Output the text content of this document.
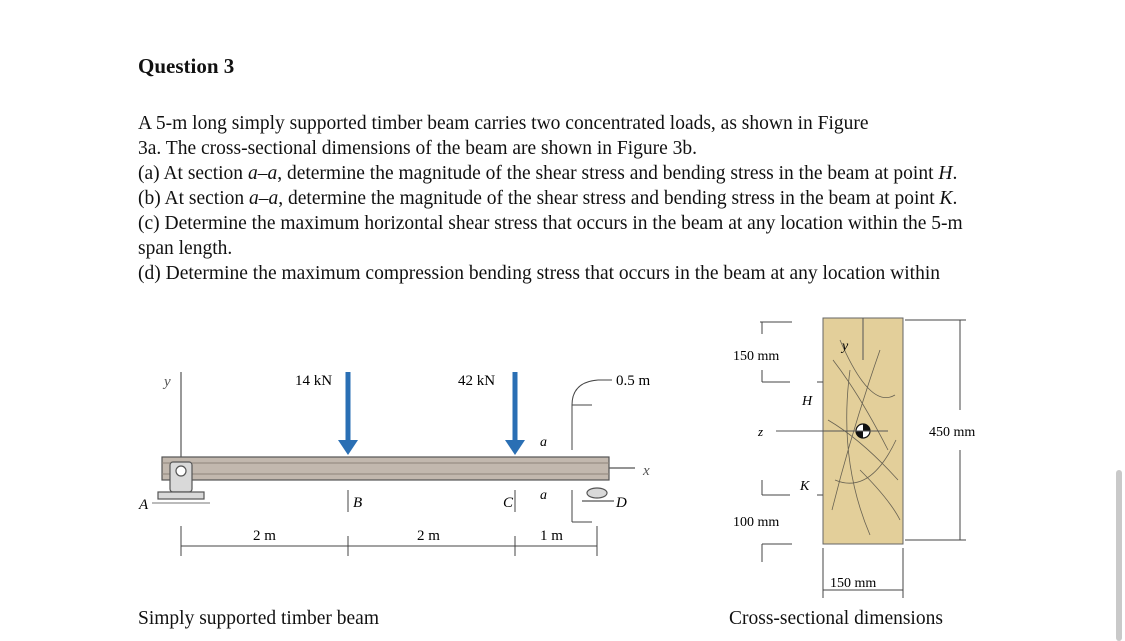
Question 3

A 5-m long simply supported timber beam carries two concentrated loads, as shown in Figure

3a. The cross-sectional dimensions of the beam are shown in Figure 3b.

(a) At section a–a, determine the magnitude of the shear stress and bending stress in the beam at point H.

(b) At section a–a, determine the magnitude of the shear stress and bending stress in the beam at point K.

(c) Determine the maximum horizontal shear stress that occurs in the beam at any location within the 5-m

span length.

(d) Determine the maximum compression bending stress that occurs in the beam at any location within

y
x
A	D
14 kN	42 kN
a
a
0.5 m
B	C
2 m	2 m	1 m
Simply supported timber beam
y
z
H
K
150 mm
100 mm
450 mm
150 mm
Cross-sectional dimensions
